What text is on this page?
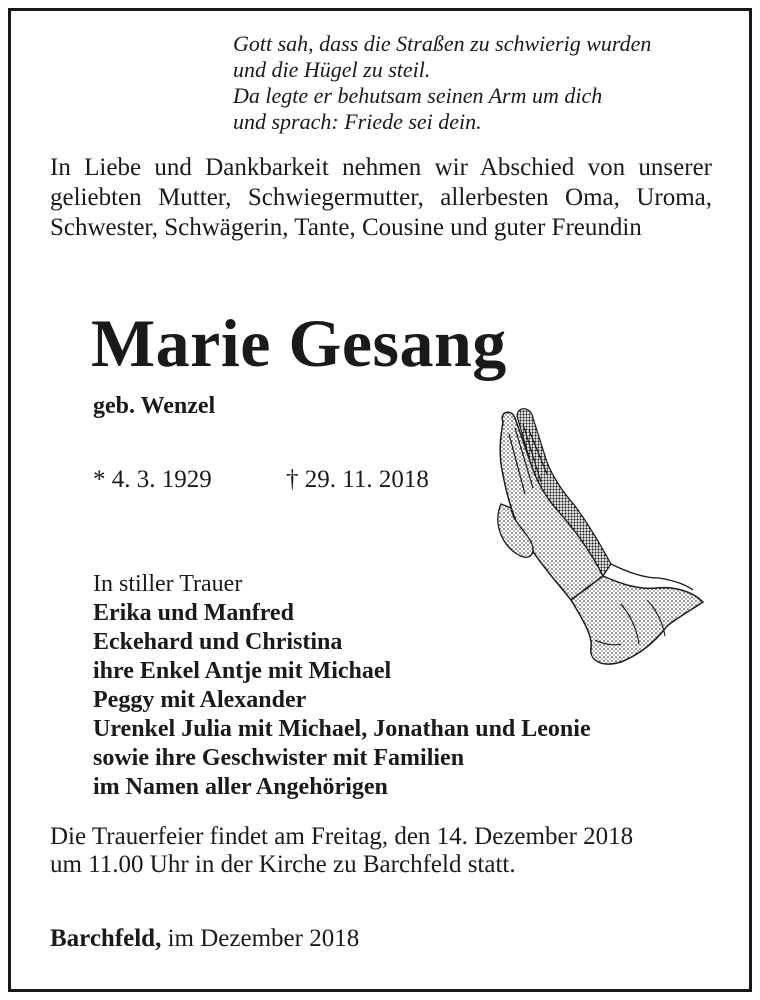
Gott sah, dass die Straßen zu schwierig wurden
und die Hügel zu steil.
Da legte er behutsam seinen Arm um dich
und sprach: Friede sei dein.
In Liebe und Dankbarkeit nehmen wir Abschied von unserer geliebten Mutter, Schwiegermutter, allerbesten Oma, Uroma, Schwester, Schwägerin, Tante, Cousine und guter Freundin
Marie Gesang
geb. Wenzel
* 4. 3. 1929	† 29. 11. 2018
In stiller Trauer
Erika und Manfred
Eckehard und Christina
ihre Enkel Antje mit Michael
Peggy mit Alexander
Urenkel Julia mit Michael, Jonathan und Leonie
sowie ihre Geschwister mit Familien
im Namen aller Angehörigen
Die Trauerfeier findet am Freitag, den 14. Dezember 2018
um 11.00 Uhr in der Kirche zu Barchfeld statt.
Barchfeld, im Dezember 2018
